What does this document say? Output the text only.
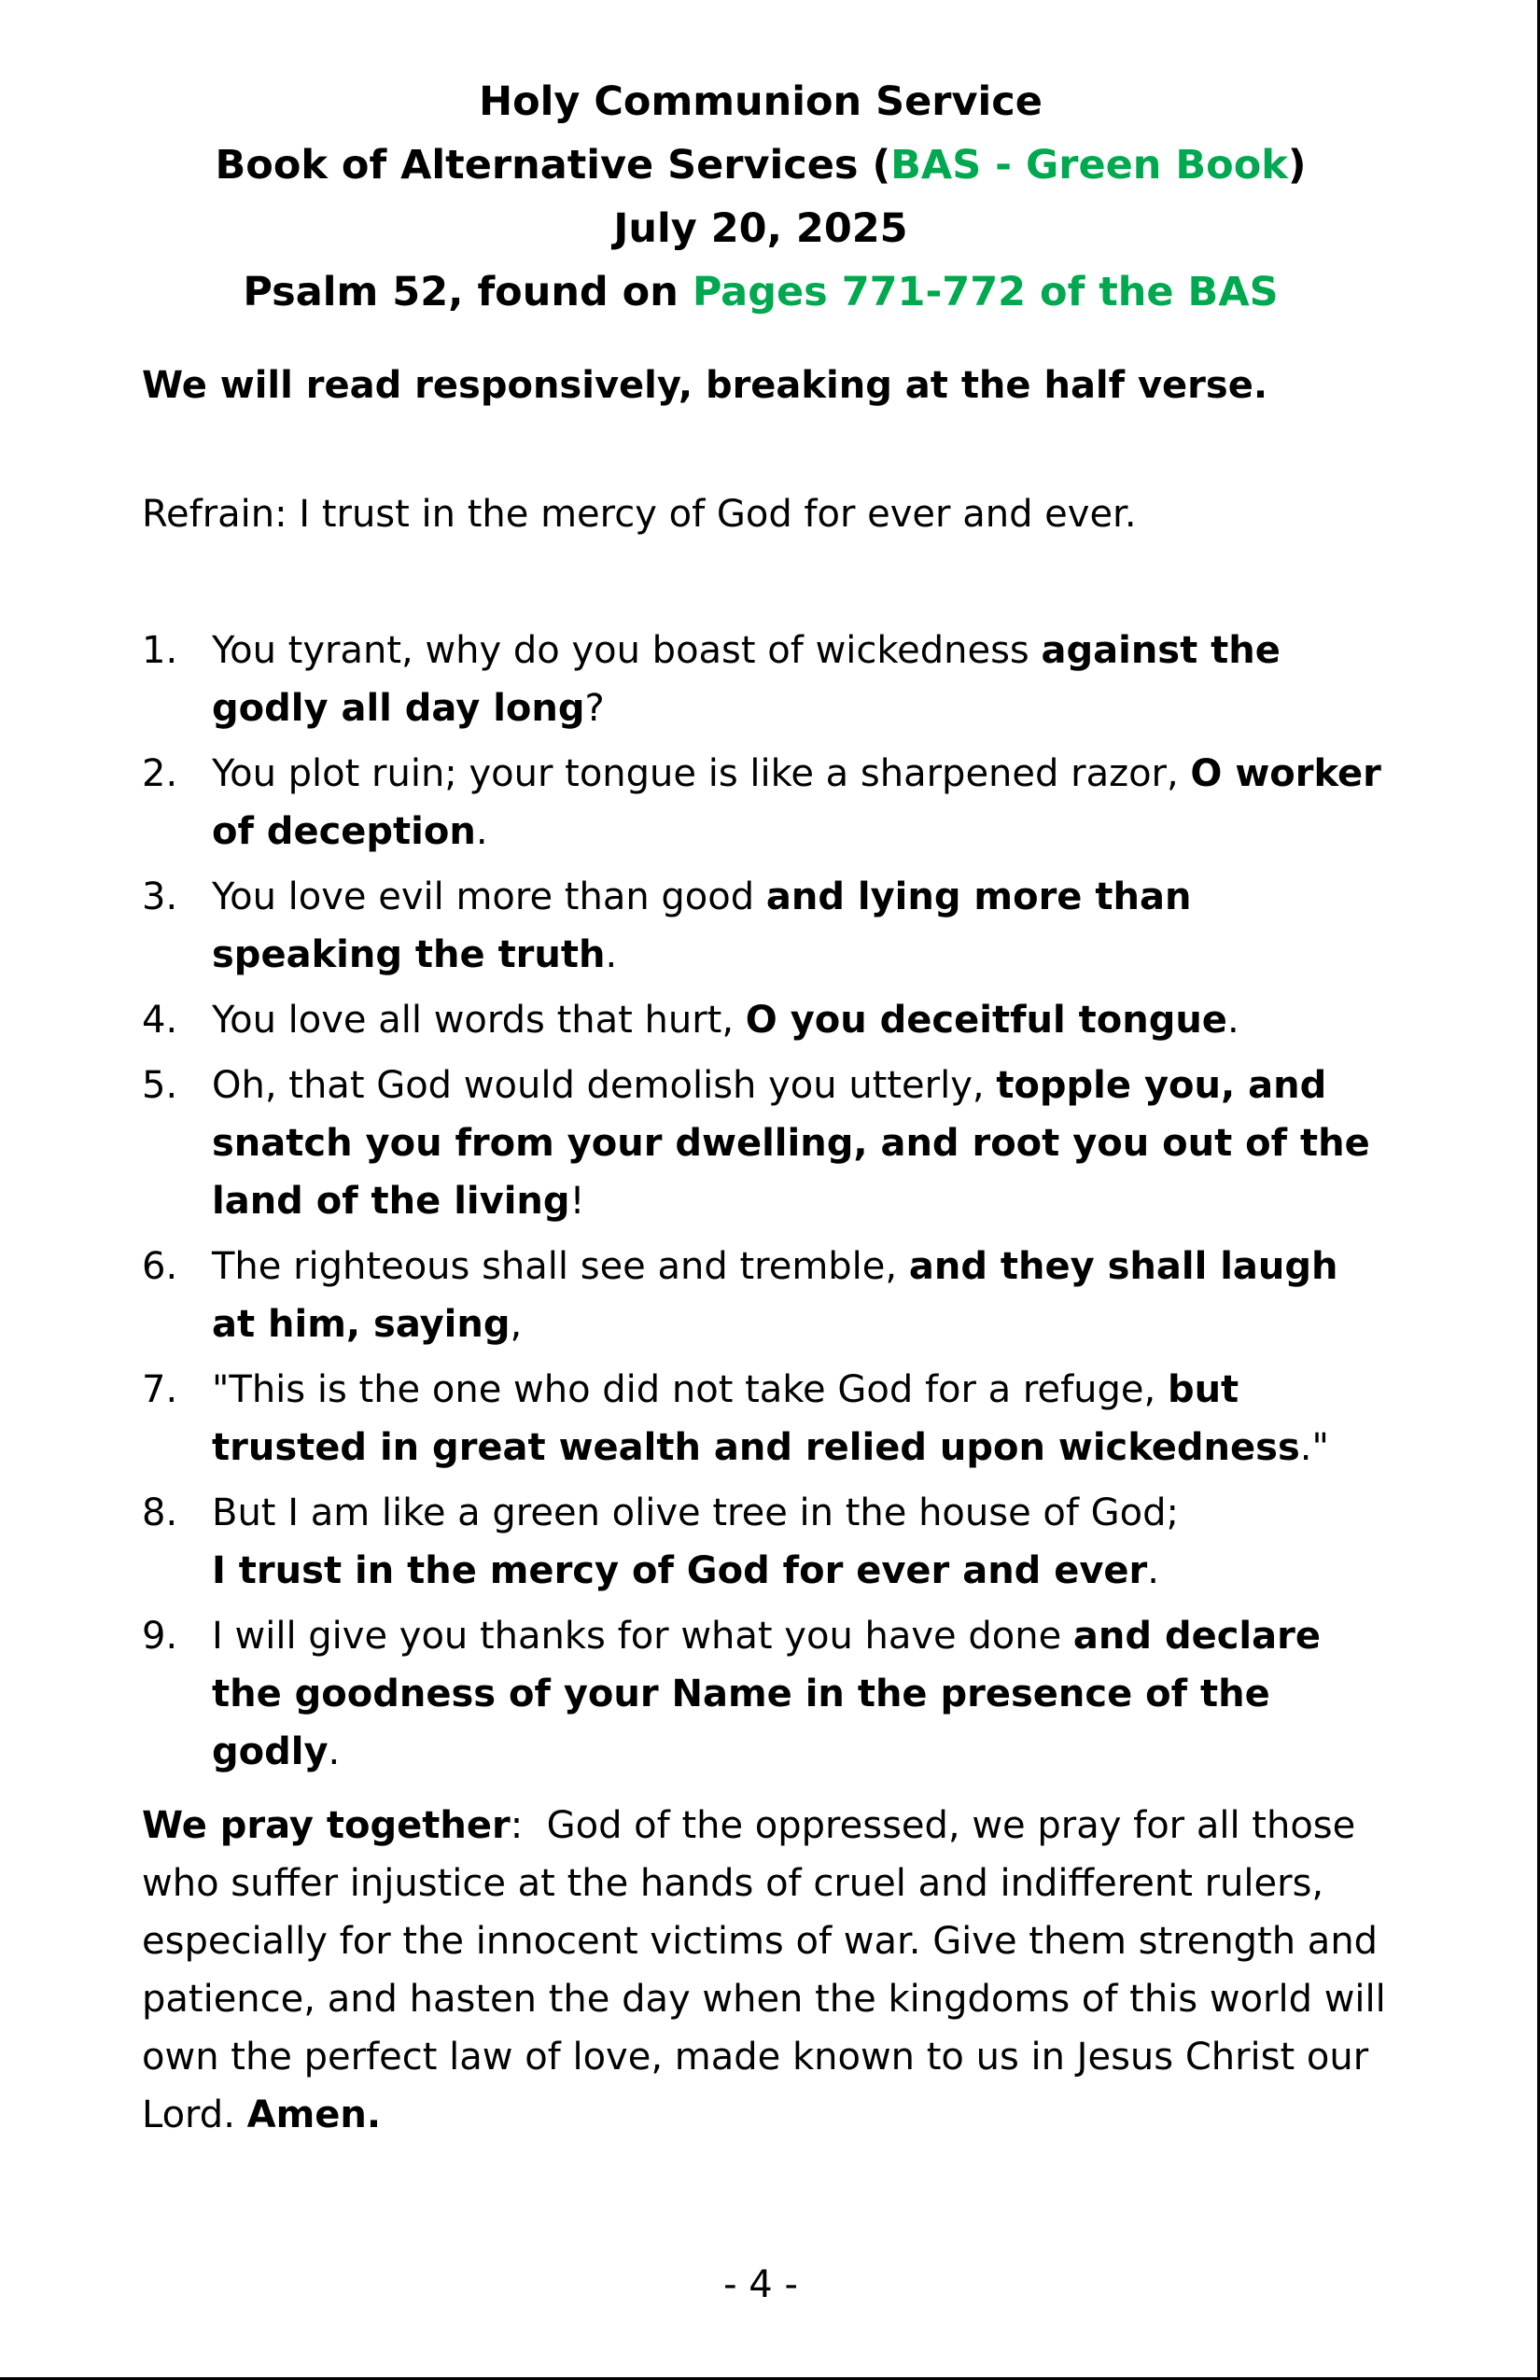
Holy Communion Service
Book of Alternative Services (BAS - Green Book)
July 20, 2025
Psalm 52, found on Pages 771-772 of the BAS
We will read responsively, breaking at the half verse.
Refrain: I trust in the mercy of God for ever and ever.
1. You tyrant, why do you boast of wickedness against the godly all day long?
2. You plot ruin; your tongue is like a sharpened razor, O worker of deception.
3. You love evil more than good and lying more than speaking the truth.
4. You love all words that hurt, O you deceitful tongue.
5. Oh, that God would demolish you utterly, topple you, and snatch you from your dwelling, and root you out of the land of the living!
6. The righteous shall see and tremble, and they shall laugh at him, saying,
7. "This is the one who did not take God for a refuge, but trusted in great wealth and relied upon wickedness."
8. But I am like a green olive tree in the house of God;
I trust in the mercy of God for ever and ever.
9. I will give you thanks for what you have done and declare the goodness of your Name in the presence of the godly.
We pray together:  God of the oppressed, we pray for all those who suffer injustice at the hands of cruel and indifferent rulers, especially for the innocent victims of war. Give them strength and patience, and hasten the day when the kingdoms of this world will own the perfect law of love, made known to us in Jesus Christ our Lord. Amen.
- 4 -
